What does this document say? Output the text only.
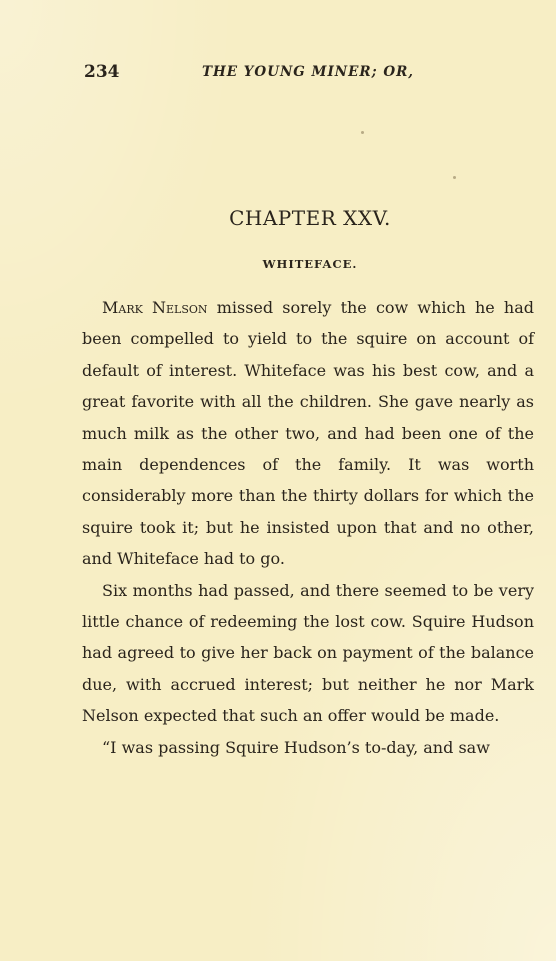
234	THE YOUNG MINER; OR,
CHAPTER XXV.
WHITEFACE.

Mark Nelson missed sorely the cow which he had been compelled to yield to the squire on account of default of interest. Whiteface was his best cow, and a great favorite with all the children. She gave nearly as much milk as the other two, and had been one of the main dependences of the family. It was worth considerably more than the thirty dollars for which the squire took it; but he insisted upon that and no other, and Whiteface had to go.

Six months had passed, and there seemed to be very little chance of redeeming the lost cow. Squire Hudson had agreed to give her back on payment of the balance due, with accrued interest; but neither he nor Mark Nelson expected that such an offer would be made.

“I was passing Squire Hudson’s to-day, and saw
